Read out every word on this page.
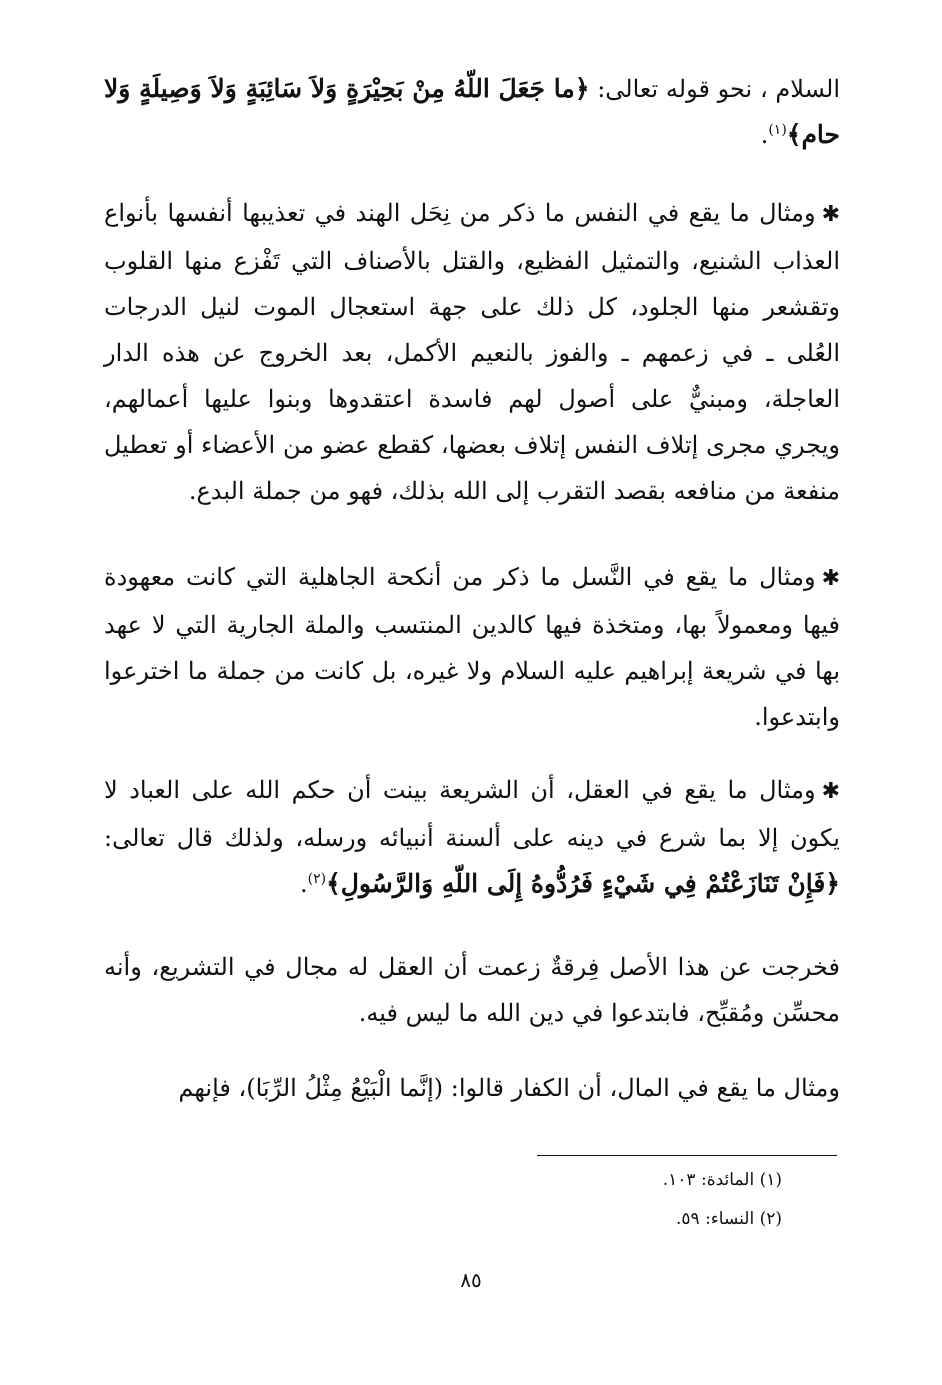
السلام ، نحو قوله تعالى: ﴿ما جَعَلَ اللّهُ مِنْ بَحِيْرَةٍ وَلاَ سَائِبَةٍ وَلاَ وَصِيلَةٍ وَلا حام﴾$^{(١)}$.

✱ومثال ما يقع في النفس ما ذكر من نِحَل الهند في تعذيبها أنفسها بأنواع العذاب الشنيع، والتمثيل الفظيع، والقتل بالأصناف التي تَفْزع منها القلوب وتقشعر منها الجلود، كل ذلك على جهة استعجال الموت لنيل الدرجات العُلى ـ في زعمهم ـ والفوز بالنعيم الأكمل، بعد الخروج عن هذه الدار العاجلة، ومبنيٌّ على أصول لهم فاسدة اعتقدوها وبنوا عليها أعمالهم، ويجري مجرى إتلاف النفس إتلاف بعضها، كقطع عضو من الأعضاء أو تعطيل منفعة من منافعه بقصد التقرب إلى الله بذلك، فهو من جملة البدع.

✱ومثال ما يقع في النَّسل ما ذكر من أنكحة الجاهلية التي كانت معهودة فيها ومعمولاً بها، ومتخذة فيها كالدين المنتسب والملة الجارية التي لا عهد بها في شريعة إبراهيم عليه السلام ولا غيره، بل كانت من جملة ما اخترعوا وابتدعوا.

✱ومثال ما يقع في العقل، أن الشريعة بينت أن حكم الله على العباد لا يكون إلا بما شرع في دينه على ألسنة أنبيائه ورسله، ولذلك قال تعالى: ﴿فَإِنْ تَنَازَعْتُمْ فِي شَيْءٍ فَرُدُّوهُ إِلَى اللّهِ وَالرَّسُولِ﴾$^{(٢)}$.

فخرجت عن هذا الأصل فِرقةٌ زعمت أن العقل له مجال في التشريع، وأنه محسِّن ومُقبِّح، فابتدعوا في دين الله ما ليس فيه.

ومثال ما يقع في المال، أن الكفار قالوا: (إنَّما الْبَيْعُ مِثْلُ الرِّبَا)، فإنهم

(١) المائدة: ١٠٣.

(٢) النساء: ٥٩.

٨٥
